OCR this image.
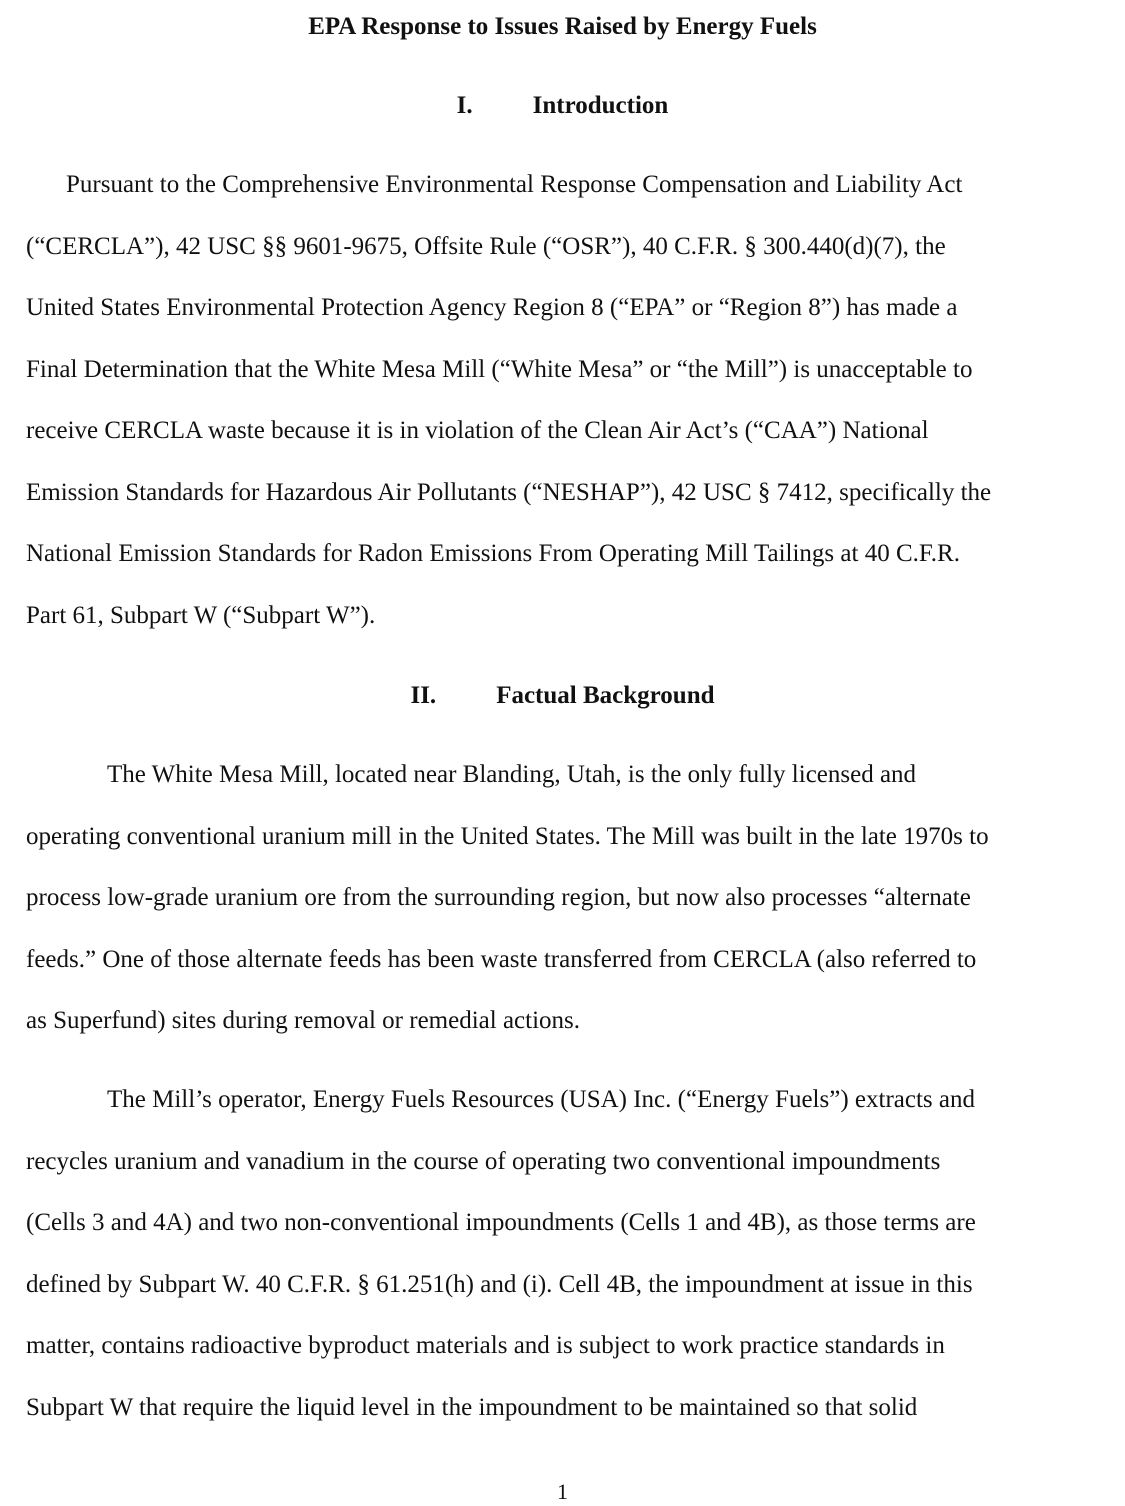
EPA Response to Issues Raised by Energy Fuels
I. Introduction

Pursuant to the Comprehensive Environmental Response Compensation and Liability Act
(“CERCLA”), 42 USC §§ 9601-9675, Offsite Rule (“OSR”), 40 C.F.R. § 300.440(d)(7), the
United States Environmental Protection Agency Region 8 (“EPA” or “Region 8”) has made a
Final Determination that the White Mesa Mill (“White Mesa” or “the Mill”) is unacceptable to
receive CERCLA waste because it is in violation of the Clean Air Act’s (“CAA”) National
Emission Standards for Hazardous Air Pollutants (“NESHAP”), 42 USC § 7412, specifically the
National Emission Standards for Radon Emissions From Operating Mill Tailings at 40 C.F.R.
Part 61, Subpart W (“Subpart W”).

II. Factual Background

The White Mesa Mill, located near Blanding, Utah, is the only fully licensed and
operating conventional uranium mill in the United States. The Mill was built in the late 1970s to
process low-grade uranium ore from the surrounding region, but now also processes “alternate
feeds.” One of those alternate feeds has been waste transferred from CERCLA (also referred to
as Superfund) sites during removal or remedial actions.

The Mill’s operator, Energy Fuels Resources (USA) Inc. (“Energy Fuels”) extracts and
recycles uranium and vanadium in the course of operating two conventional impoundments
(Cells 3 and 4A) and two non-conventional impoundments (Cells 1 and 4B), as those terms are
defined by Subpart W. 40 C.F.R. § 61.251(h) and (i). Cell 4B, the impoundment at issue in this
matter, contains radioactive byproduct materials and is subject to work practice standards in
Subpart W that require the liquid level in the impoundment to be maintained so that solid

1
